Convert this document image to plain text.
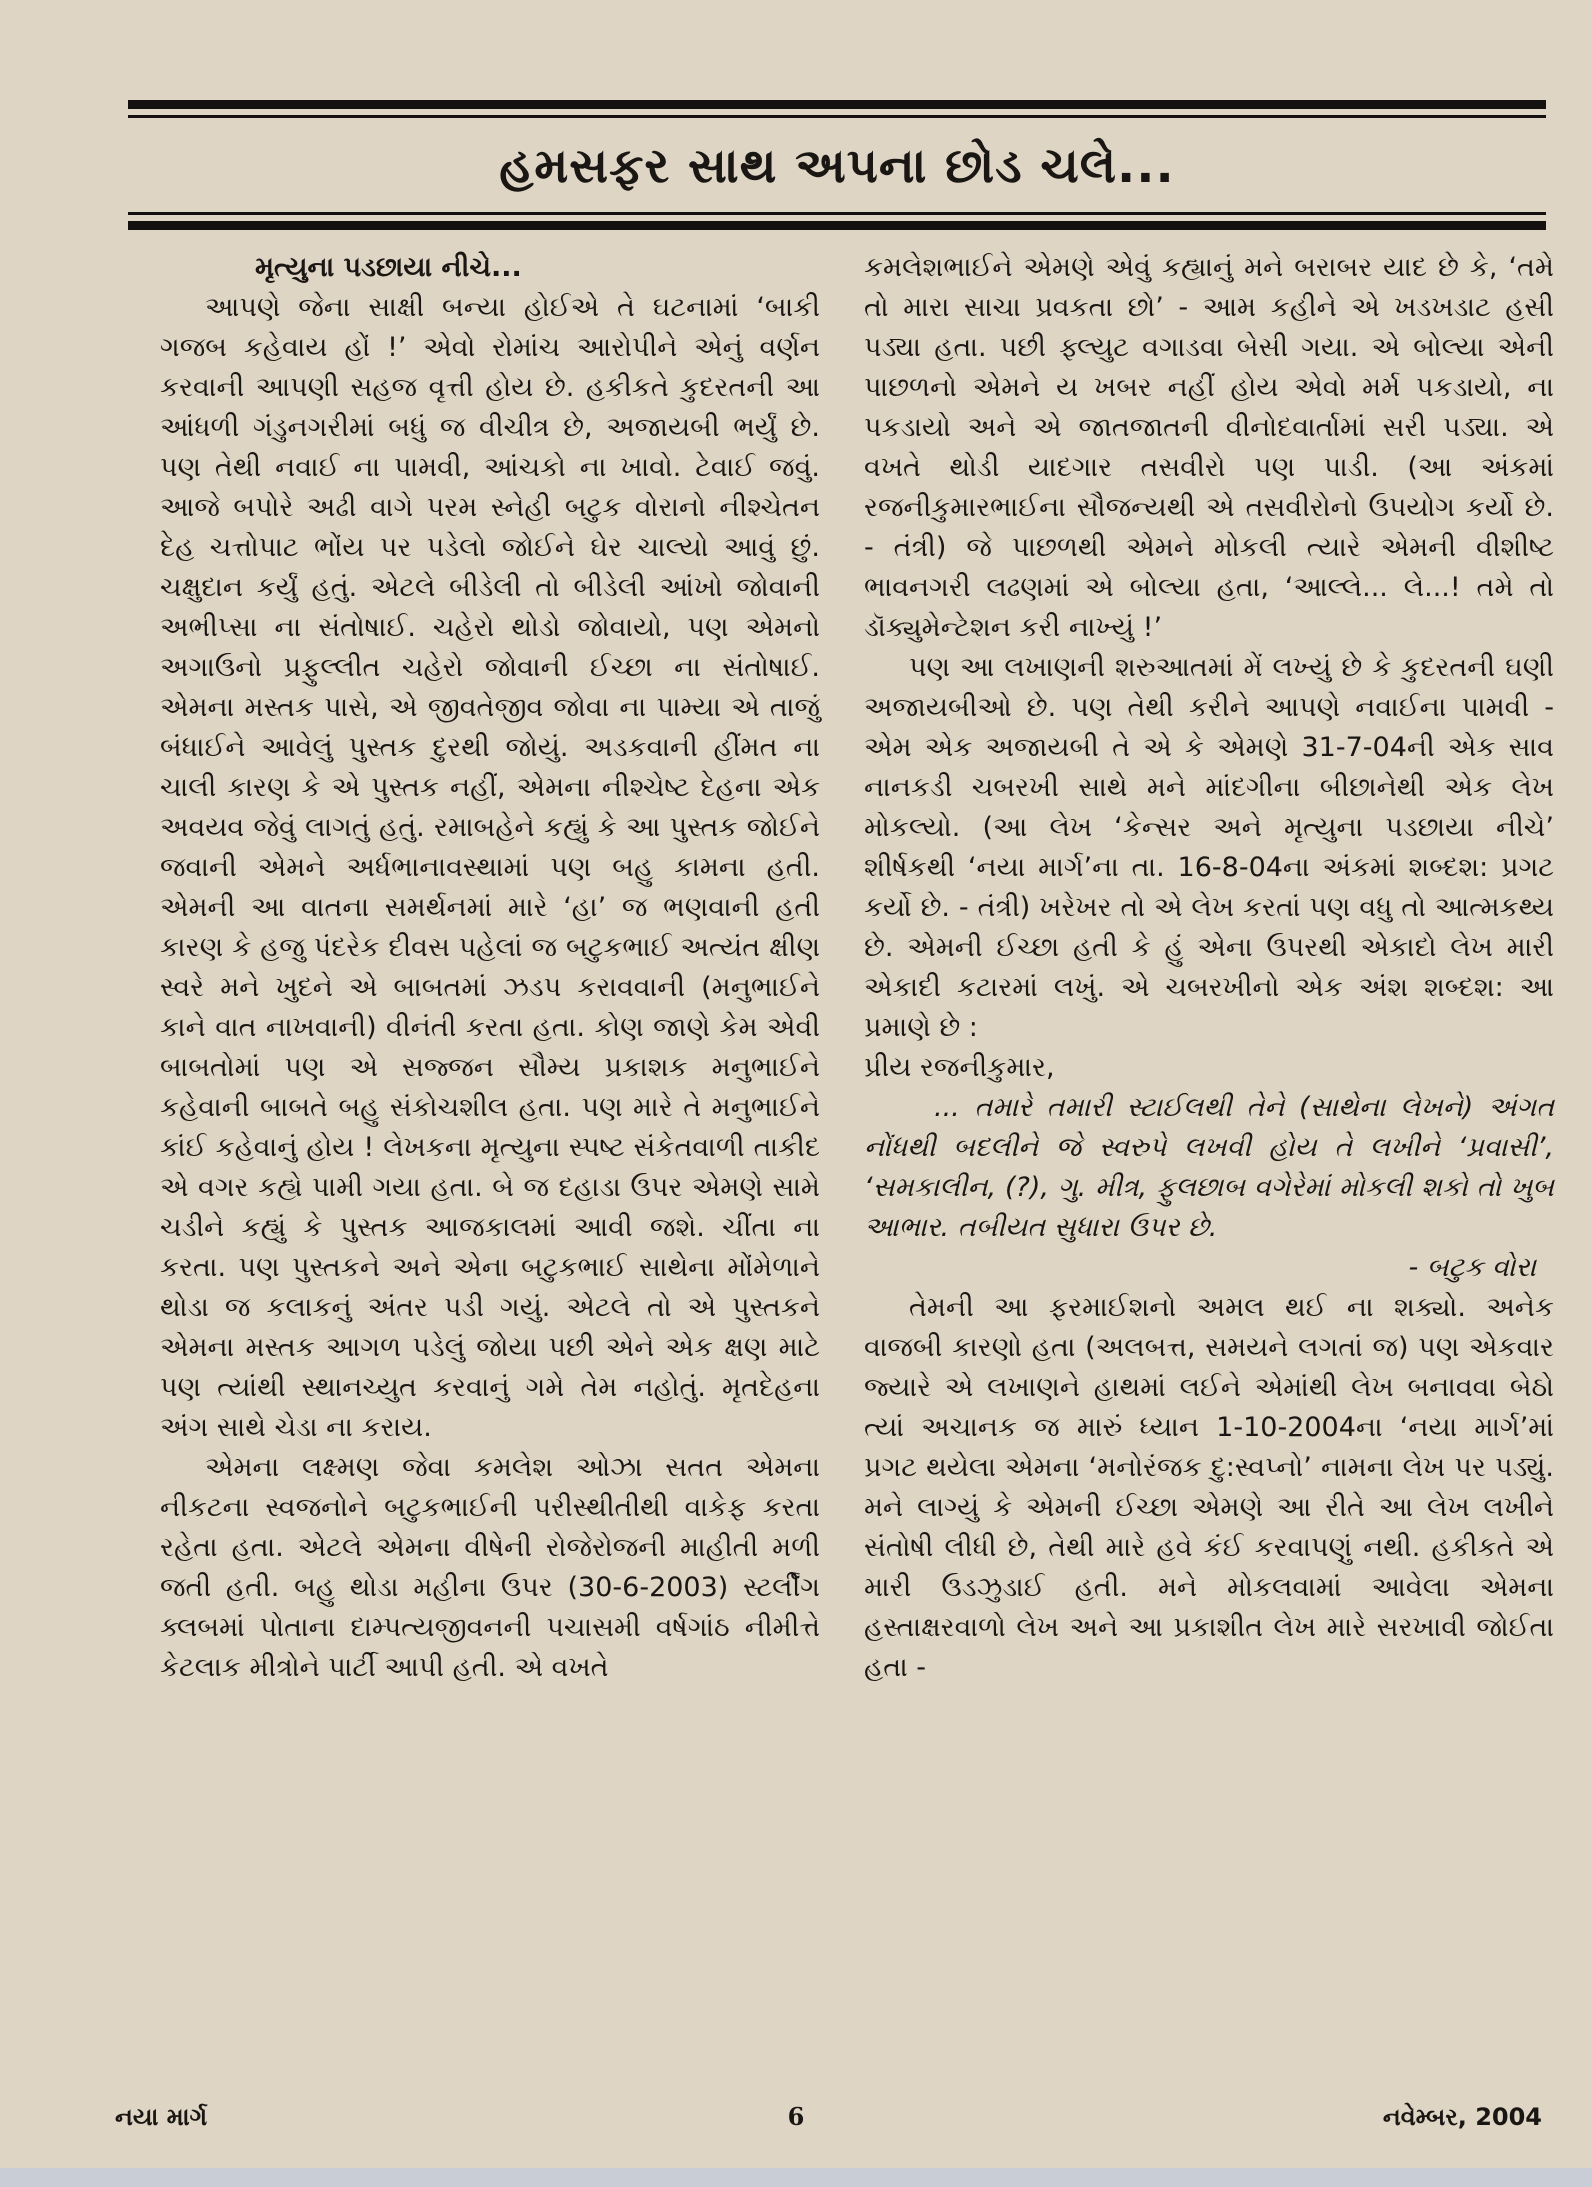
હમસફર સાથ અપના છોડ ચલે...

મૃત્યુના પડછાયા નીચે...

આપણે જેના સાક્ષી બન્યા હોઈએ તે ઘટનામાં ‘બાકી ગજબ કહેવાય હોં !’ એવો રોમાંચ આરોપીને એનું વર્ણન કરવાની આપણી સહજ વૃત્તી હોય છે. હકીકતે કુદરતની આ આંધળી ગંડુનગરીમાં બધું જ વીચીત્ર છે, અજાયબી ભર્યું છે. પણ તેથી નવાઈ ના પામવી, આંચકો ના ખાવો. ટેવાઈ જવું. આજે બપોરે અઢી વાગે પરમ સ્નેહી બટુક વોરાનો નીશ્ચેતન દેહ ચત્તોપાટ ભોંય પર પડેલો જોઈને ઘેર ચાલ્યો આવું છું. ચક્ષુદાન કર્યું હતું. એટલે બીડેલી તો બીડેલી આંખો જોવાની અભીપ્સા ના સંતોષાઈ. ચહેરો થોડો જોવાયો, પણ એમનો અગાઉનો પ્રફુલ્લીત ચહેરો જોવાની ઈચ્છા ના સંતોષાઈ. એમના મસ્તક પાસે, એ જીવતેજીવ જોવા ના પામ્યા એ તાજું બંધાઈને આવેલું પુસ્તક દુરથી જોયું. અડકવાની હીંમત ના ચાલી કારણ કે એ પુસ્તક નહીં, એમના નીશ્ચેષ્ટ દેહના એક અવયવ જેવું લાગતું હતું. રમાબહેને કહ્યું કે આ પુસ્તક જોઈને જવાની એમને અર્ધભાનાવસ્થામાં પણ બહુ કામના હતી. એમની આ વાતના સમર્થનમાં મારે ‘હા’ જ ભણવાની હતી કારણ કે હજુ પંદરેક દીવસ પહેલાં જ બટુકભાઈ અત્યંત ક્ષીણ સ્વરે મને ખુદને એ બાબતમાં ઝડપ કરાવવાની (મનુભાઈને કાને વાત નાખવાની) વીનંતી કરતા હતા. કોણ જાણે કેમ એવી બાબતોમાં પણ એ સજ્જન સૌમ્ય પ્રકાશક મનુભાઈને કહેવાની બાબતે બહુ સંકોચશીલ હતા. પણ મારે તે મનુભાઈને કાંઈ કહેવાનું હોય ! લેખકના મૃત્યુના સ્પષ્ટ સંકેતવાળી તાકીદ એ વગર કહ્યે પામી ગયા હતા. બે જ દહાડા ઉપર એમણે સામે ચડીને કહ્યું કે પુસ્તક આજકાલમાં આવી જશે. ચીંતા ના કરતા. પણ પુસ્તકને અને એના બટુકભાઈ સાથેના મોંમેળાને થોડા જ કલાકનું અંતર પડી ગયું. એટલે તો એ પુસ્તકને એમના મસ્તક આગળ પડેલું જોયા પછી એને એક ક્ષણ માટે પણ ત્યાંથી સ્થાનચ્યુત કરવાનું ગમે તેમ નહોતું. મૃતદેહના અંગ સાથે ચેડા ના કરાય.

એમના લક્ષ્મણ જેવા કમલેશ ઓઝા સતત એમના નીકટના સ્વજનોને બટુકભાઈની પરીસ્થીતીથી વાકેફ કરતા રહેતા હતા. એટલે એમના વીષેની રોજેરોજની માહીતી મળી જતી હતી. બહુ થોડા મહીના ઉપર (30-6-2003) સ્ટર્લીંગ ક્લબમાં પોતાના દામ્પત્યજીવનની પચાસમી વર્ષગાંઠ નીમીત્તે કેટલાક મીત્રોને પાર્ટી આપી હતી. એ વખતે

કમલેશભાઈને એમણે એવું કહ્યાનું મને બરાબર યાદ છે કે, ‘તમે તો મારા સાચા પ્રવકતા છો’ - આમ કહીને એ ખડખડાટ હસી પડ્યા હતા. પછી ફ્લ્યુટ વગાડવા બેસી ગયા. એ બોલ્યા એની પાછળનો એમને ય ખબર નહીં હોય એવો મર્મ પકડાયો, ના પકડાયો અને એ જાતજાતની વીનોદવાર્તામાં સરી પડ્યા. એ વખતે થોડી યાદગાર તસવીરો પણ પાડી. (આ અંકમાં રજનીકુમારભાઈના સૌજન્યથી એ તસવીરોનો ઉપયોગ કર્યો છે. - તંત્રી) જે પાછળથી એમને મોકલી ત્યારે એમની વીશીષ્ટ ભાવનગરી લઢણમાં એ બોલ્યા હતા, ‘આલ્લે... લે...! તમે તો ડૉક્યુમેન્ટેશન કરી નાખ્યું !’

પણ આ લખાણની શરુઆતમાં મેં લખ્યું છે કે કુદરતની ઘણી અજાયબીઓ છે. પણ તેથી કરીને આપણે નવાઈના પામવી - એમ એક અજાયબી તે એ કે એમણે 31-7-04ની એક સાવ નાનકડી ચબરખી સાથે મને માંદગીના બીછાનેથી એક લેખ મોકલ્યો. (આ લેખ ‘કેન્સર અને મૃત્યુના પડછાયા નીચે’ શીર્ષકથી ‘નયા માર્ગ’ના તા. 16-8-04ના અંકમાં શબ્દશ: પ્રગટ કર્યો છે. - તંત્રી) ખરેખર તો એ લેખ કરતાં પણ વધુ તો આત્મકથ્ય છે. એમની ઈચ્છા હતી કે હું એના ઉપરથી એકાદો લેખ મારી એકાદી કટારમાં લખું. એ ચબરખીનો એક અંશ શબ્દશ: આ પ્રમાણે છે :

પ્રીય રજનીકુમાર,

... તમારે તમારી સ્ટાઈલથી તેને (સાથેના લેખને) અંગત નોંધથી બદલીને જે સ્વરુપે લખવી હોય તે લખીને ‘પ્રવાસી’, ‘સમકાલીન, (?), ગુ. મીત્ર, ફુલછાબ વગેરેમાં મોકલી શકો તો ખુબ આભાર. તબીયત સુધારા ઉપર છે.

- બટુક વોરા

તેમની આ ફરમાઈશનો અમલ થઈ ના શક્યો. અનેક વાજબી કારણો હતા (અલબત્ત, સમયને લગતાં જ) પણ એકવાર જ્યારે એ લખાણને હાથમાં લઈને એમાંથી લેખ બનાવવા બેઠો ત્યાં અચાનક જ મારું ધ્યાન 1-10-2004ના ‘નયા માર્ગ’માં પ્રગટ થયેલા એમના ‘મનોરંજક દુ:સ્વપ્નો’ નામના લેખ પર પડ્યું. મને લાગ્યું કે એમની ઈચ્છા એમણે આ રીતે આ લેખ લખીને સંતોષી લીધી છે, તેથી મારે હવે કંઈ કરવાપણું નથી. હકીકતે એ મારી ઉડઝુડાઈ હતી. મને મોકલવામાં આવેલા એમના હસ્તાક્ષરવાળો લેખ અને આ પ્રકાશીત લેખ મારે સરખાવી જોઈતા હતા -

નયા માર્ગ	6	નવેમ્બર, 2004
